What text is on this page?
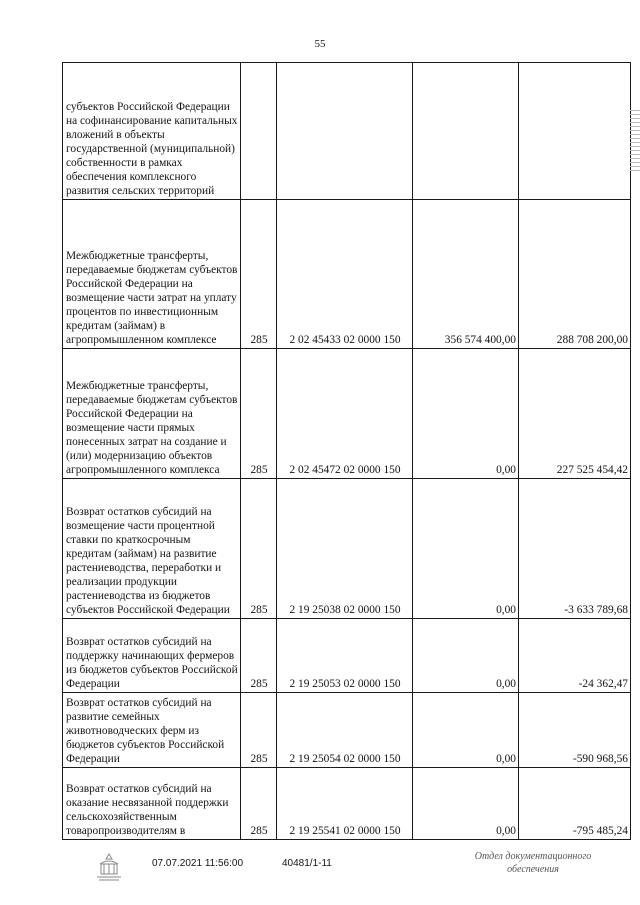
55
субъектов Российской Федерации на софинансирование капитальных вложений в объекты государственной (муниципальной) собственности в рамках обеспечения комплексного развития сельских территорий				
Межбюджетные трансферты, передаваемые бюджетам субъектов Российской Федерации на возмещение части затрат на уплату процентов по инвестиционным кредитам (займам) в агропромышленном комплексе	285	2 02 45433 02 0000 150	356 574 400,00	288 708 200,00
Межбюджетные трансферты, передаваемые бюджетам субъектов Российской Федерации на возмещение части прямых понесенных затрат на создание и (или) модернизацию объектов агропромышленного комплекса	285	2 02 45472 02 0000 150	0,00	227 525 454,42
Возврат остатков субсидий на возмещение части процентной ставки по краткосрочным кредитам (займам) на развитие растениеводства, переработки и реализации продукции растениеводства из бюджетов субъектов Российской Федерации	285	2 19 25038 02 0000 150	0,00	-3 633 789,68
Возврат остатков субсидий на поддержку начинающих фермеров из бюджетов субъектов Российской Федерации	285	2 19 25053 02 0000 150	0,00	-24 362,47
Возврат остатков субсидий на развитие семейных животноводческих ферм из бюджетов субъектов Российской Федерации	285	2 19 25054 02 0000 150	0,00	-590 968,56
Возврат остатков субсидий на оказание несвязанной поддержки сельскохозяйственным товаропроизводителям в	285	2 19 25541 02 0000 150	0,00	-795 485,24
07.07.2021 11:56:00	40481/1-11
Отдел документационного
обеспечения
